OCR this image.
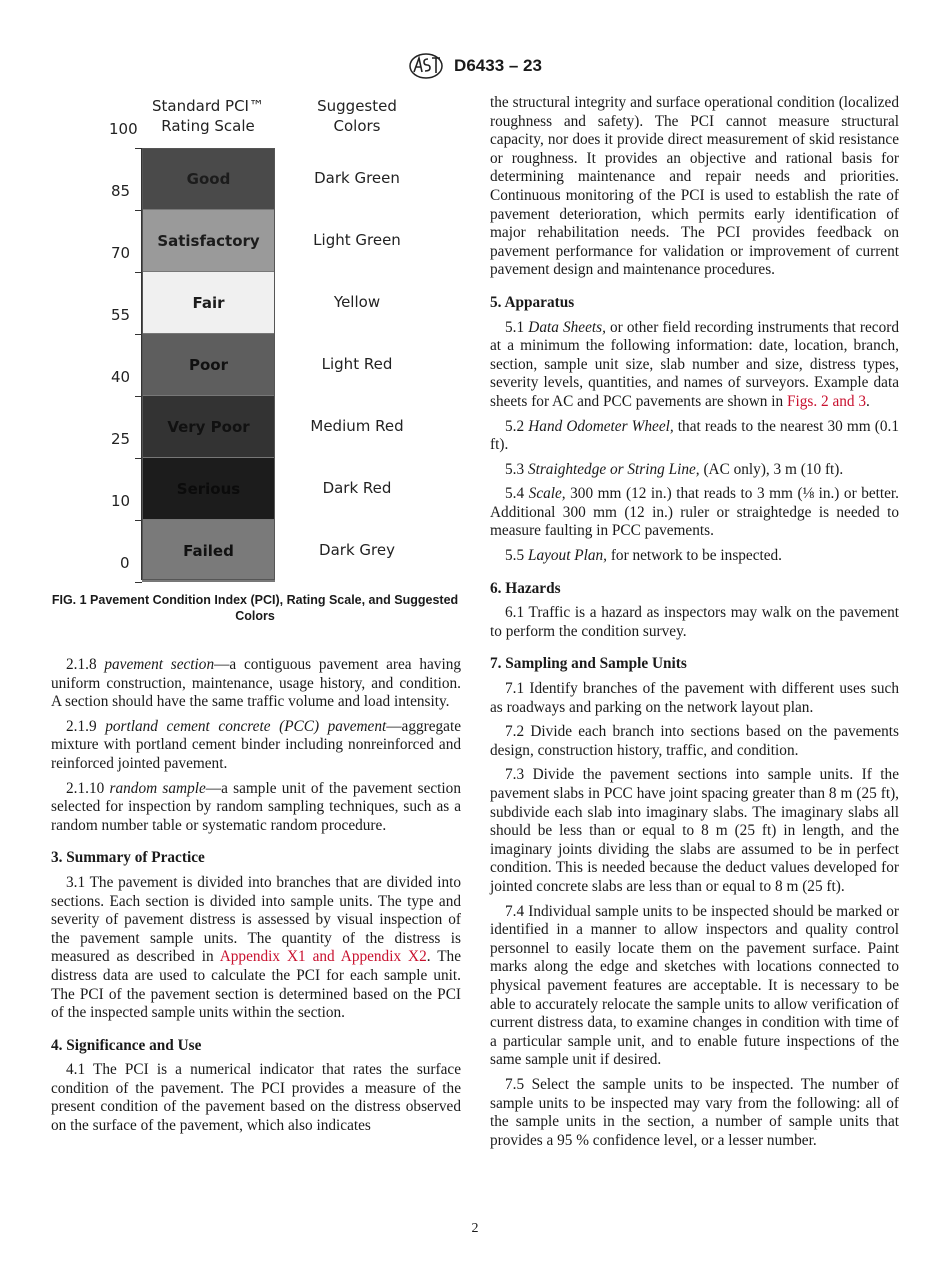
D6433 – 23
Standard PCI™
Rating Scale
Suggested
Colors
100
85
70
55
40
25
10
0
Good	Dark Green
Satisfactory	Light Green
Fair	Yellow
Poor	Light Red
Very Poor	Medium Red
Serious	Dark Red
Failed	Dark Grey
FIG. 1 Pavement Condition Index (PCI), Rating Scale, and Suggested Colors

2.1.8 pavement section—a contiguous pavement area having uniform construction, maintenance, usage history, and condition. A section should have the same traffic volume and load intensity.

2.1.9 portland cement concrete (PCC) pavement—aggregate mixture with portland cement binder including nonreinforced and reinforced jointed pavement.

2.1.10 random sample—a sample unit of the pavement section selected for inspection by random sampling techniques, such as a random number table or systematic random procedure.

3. Summary of Practice

3.1 The pavement is divided into branches that are divided into sections. Each section is divided into sample units. The type and severity of pavement distress is assessed by visual inspection of the pavement sample units. The quantity of the distress is measured as described in Appendix X1 and Appendix X2. The distress data are used to calculate the PCI for each sample unit. The PCI of the pavement section is determined based on the PCI of the inspected sample units within the section.

4. Significance and Use

4.1 The PCI is a numerical indicator that rates the surface condition of the pavement. The PCI provides a measure of the present condition of the pavement based on the distress observed on the surface of the pavement, which also indicates

the structural integrity and surface operational condition (localized roughness and safety). The PCI cannot measure structural capacity, nor does it provide direct measurement of skid resistance or roughness. It provides an objective and rational basis for determining maintenance and repair needs and priorities. Continuous monitoring of the PCI is used to establish the rate of pavement deterioration, which permits early identification of major rehabilitation needs. The PCI provides feedback on pavement performance for validation or improvement of current pavement design and maintenance procedures.

5. Apparatus

5.1 Data Sheets, or other field recording instruments that record at a minimum the following information: date, location, branch, section, sample unit size, slab number and size, distress types, severity levels, quantities, and names of surveyors. Example data sheets for AC and PCC pavements are shown in Figs. 2 and 3.

5.2 Hand Odometer Wheel, that reads to the nearest 30 mm (0.1 ft).

5.3 Straightedge or String Line, (AC only), 3 m (10 ft).

5.4 Scale, 300 mm (12 in.) that reads to 3 mm (⅛ in.) or better. Additional 300 mm (12 in.) ruler or straightedge is needed to measure faulting in PCC pavements.

5.5 Layout Plan, for network to be inspected.

6. Hazards

6.1 Traffic is a hazard as inspectors may walk on the pavement to perform the condition survey.

7. Sampling and Sample Units

7.1 Identify branches of the pavement with different uses such as roadways and parking on the network layout plan.

7.2 Divide each branch into sections based on the pavements design, construction history, traffic, and condition.

7.3 Divide the pavement sections into sample units. If the pavement slabs in PCC have joint spacing greater than 8 m (25 ft), subdivide each slab into imaginary slabs. The imaginary slabs all should be less than or equal to 8 m (25 ft) in length, and the imaginary joints dividing the slabs are assumed to be in perfect condition. This is needed because the deduct values developed for jointed concrete slabs are less than or equal to 8 m (25 ft).

7.4 Individual sample units to be inspected should be marked or identified in a manner to allow inspectors and quality control personnel to easily locate them on the pavement surface. Paint marks along the edge and sketches with locations connected to physical pavement features are acceptable. It is necessary to be able to accurately relocate the sample units to allow verification of current distress data, to examine changes in condition with time of a particular sample unit, and to enable future inspections of the same sample unit if desired.

7.5 Select the sample units to be inspected. The number of sample units to be inspected may vary from the following: all of the sample units in the section, a number of sample units that provides a 95 % confidence level, or a lesser number.

2
